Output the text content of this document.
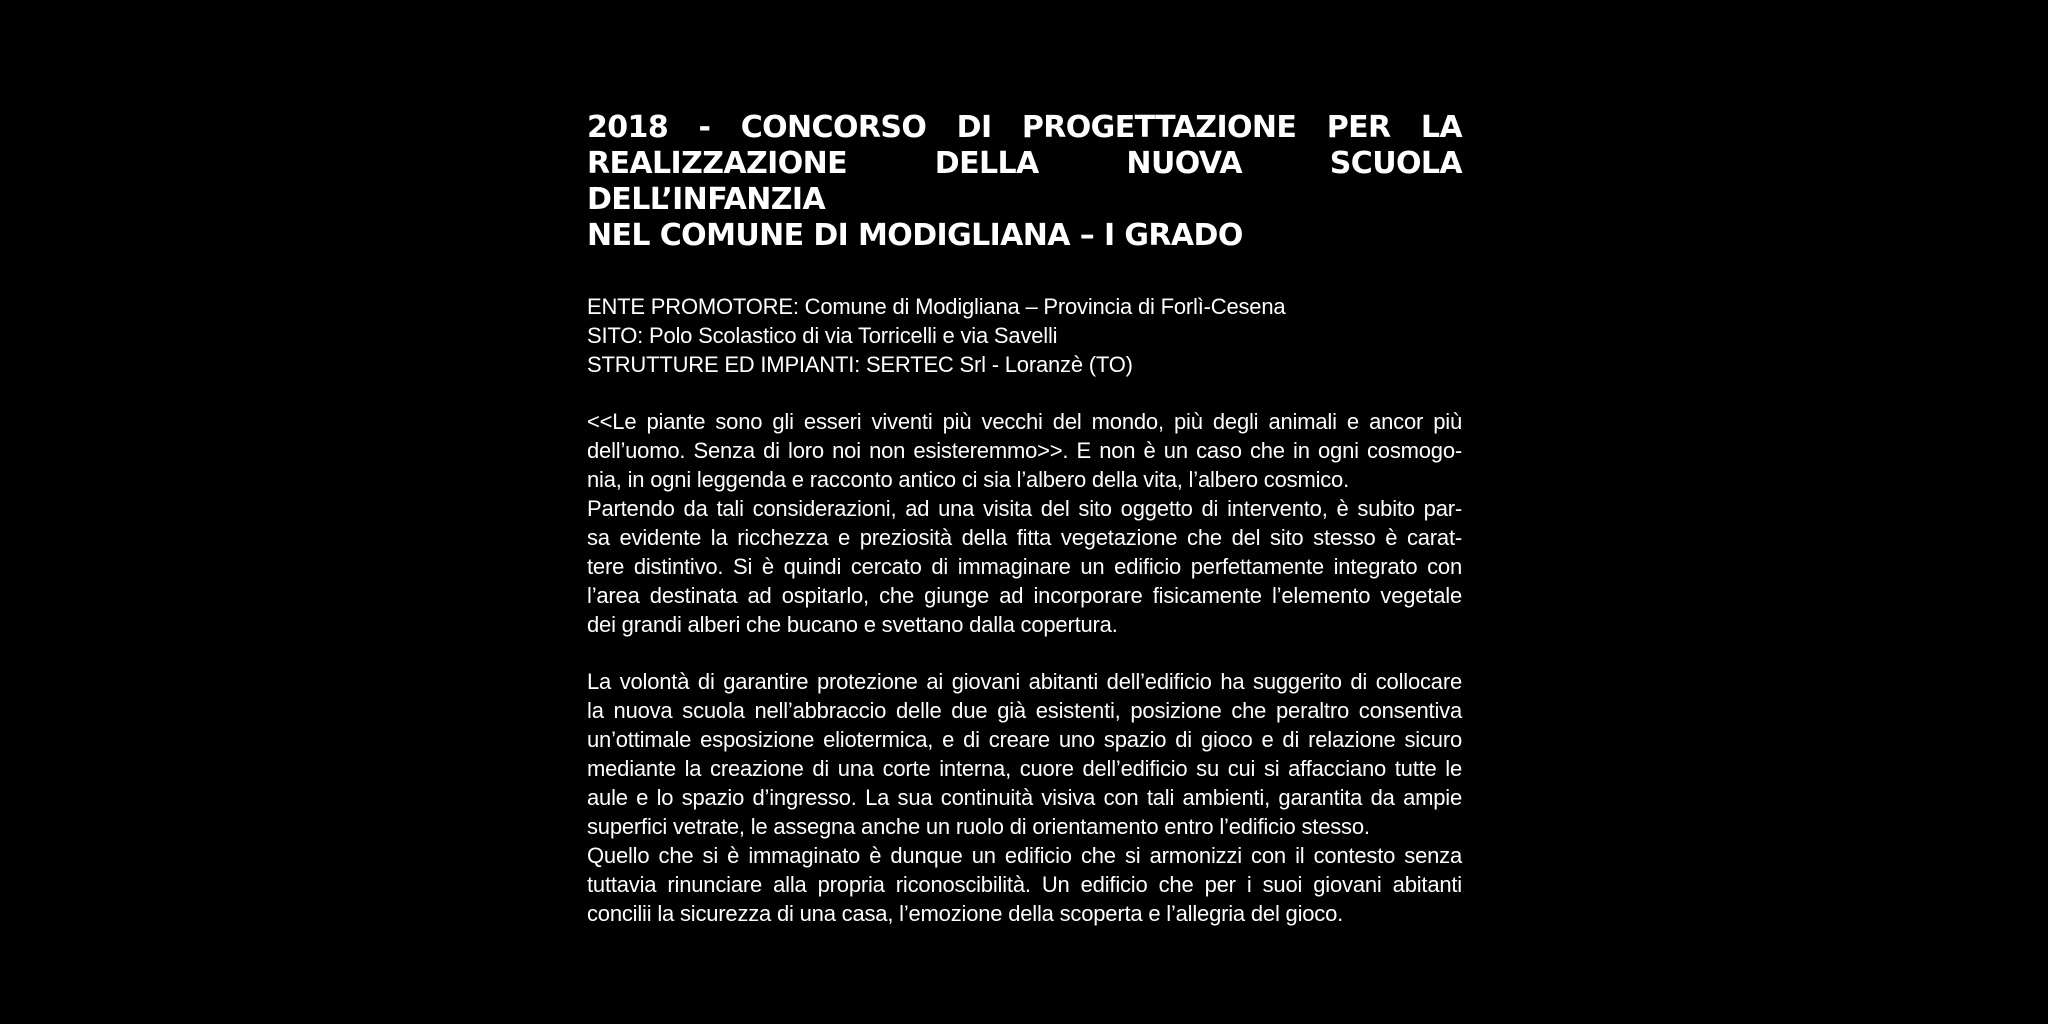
2018 - CONCORSO DI PROGETTAZIONE PER LA
REALIZZAZIONE DELLA NUOVA SCUOLA DELL’INFANZIA
NEL COMUNE DI MODIGLIANA – I GRADO
ENTE PROMOTORE: Comune di Modigliana – Provincia di Forlì-Cesena
SITO: Polo Scolastico di via Torricelli e via Savelli
STRUTTURE ED IMPIANTI: SERTEC Srl - Loranzè (TO)
<<Le piante sono gli esseri viventi più vecchi del mondo, più degli animali e ancor più
dell’uomo. Senza di loro noi non esisteremmo>>. E non è un caso che in ogni cosmogo-
nia, in ogni leggenda e racconto antico ci sia l’albero della vita, l’albero cosmico.
Partendo da tali considerazioni, ad una visita del sito oggetto di intervento, è subito par-
sa evidente la ricchezza e preziosità della fitta vegetazione che del sito stesso è carat-
tere distintivo. Si è quindi cercato di immaginare un edificio perfettamente integrato con
l’area destinata ad ospitarlo, che giunge ad incorporare fisicamente l’elemento vegetale
dei grandi alberi che bucano e svettano dalla copertura.
La volontà di garantire protezione ai giovani abitanti dell’edificio ha suggerito di collocare
la nuova scuola nell’abbraccio delle due già esistenti, posizione che peraltro consentiva
un’ottimale esposizione eliotermica, e di creare uno spazio di gioco e di relazione sicuro
mediante la creazione di una corte interna, cuore dell’edificio su cui si affacciano tutte le
aule e lo spazio d’ingresso. La sua continuità visiva con tali ambienti, garantita da ampie
superfici vetrate, le assegna anche un ruolo di orientamento entro l’edificio stesso.
Quello che si è immaginato è dunque un edificio che si armonizzi con il contesto senza
tuttavia rinunciare alla propria riconoscibilità. Un edificio che per i suoi giovani abitanti
concilii la sicurezza di una casa, l’emozione della scoperta e l’allegria del gioco.
